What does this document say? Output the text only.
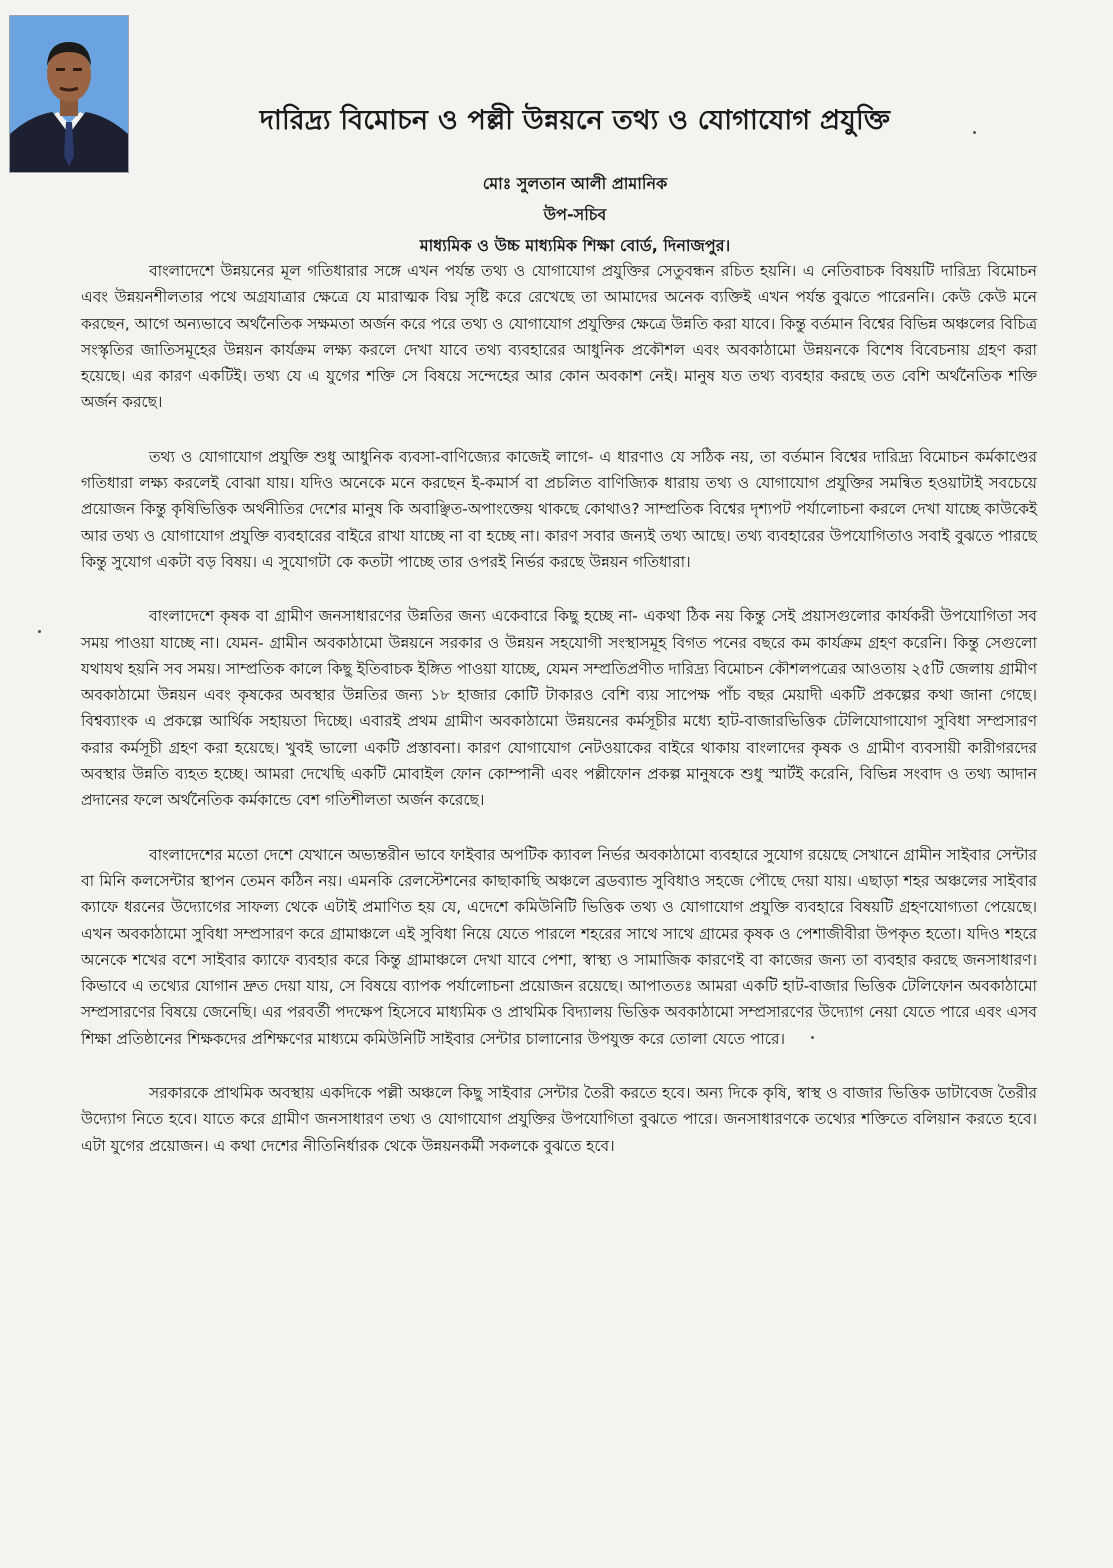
দারিদ্র্য বিমোচন ও পল্লী উন্নয়নে তথ্য ও যোগাযোগ প্রযুক্তি
মোঃ সুলতান আলী প্রামানিক
উপ-সচিব
মাধ্যমিক ও উচ্চ মাধ্যমিক শিক্ষা বোর্ড, দিনাজপুর।

বাংলাদেশে উন্নয়নের মূল গতিধারার সঙ্গে এখন পর্যন্ত তথ্য ও যোগাযোগ প্রযুক্তির সেতুবন্ধন রচিত হয়নি। এ নেতিবাচক বিষয়টি দারিদ্র্য বিমোচন এবং উন্নয়নশীলতার পথে অগ্রযাত্রার ক্ষেত্রে যে মারাত্মক বিঘ্ন সৃষ্টি করে রেখেছে তা আমাদের অনেক ব্যক্তিই এখন পর্যন্ত বুঝতে পারেননি। কেউ কেউ মনে করছেন, আগে অন্যভাবে অর্থনৈতিক সক্ষমতা অর্জন করে পরে তথ্য ও যোগাযোগ প্রযুক্তির ক্ষেত্রে উন্নতি করা যাবে। কিন্তু বর্তমান বিশ্বের বিভিন্ন অঞ্চলের বিচিত্র সংস্কৃতির জাতিসমূহের উন্নয়ন কার্যক্রম লক্ষ্য করলে দেখা যাবে তথ্য ব্যবহারের আধুনিক প্রকৌশল এবং অবকাঠামো উন্নয়নকে বিশেষ বিবেচনায় গ্রহণ করা হয়েছে। এর কারণ একটিই। তথ্য যে এ যুগের শক্তি সে বিষয়ে সন্দেহের আর কোন অবকাশ নেই। মানুষ যত তথ্য ব্যবহার করছে তত বেশি অর্থনৈতিক শক্তি অর্জন করছে।

তথ্য ও যোগাযোগ প্রযুক্তি শুধু আধুনিক ব্যবসা-বাণিজ্যের কাজেই লাগে- এ ধারণাও যে সঠিক নয়, তা বর্তমান বিশ্বের দারিদ্র্য বিমোচন কর্মকাণ্ডের গতিধারা লক্ষ্য করলেই বোঝা যায়। যদিও অনেকে মনে করছেন ই-কমার্স বা প্রচলিত বাণিজ্যিক ধারায় তথ্য ও যোগাযোগ প্রযুক্তির সমন্বিত হওয়াটাই সবচেয়ে প্রয়োজন কিন্তু কৃষিভিত্তিক অর্থনীতির দেশের মানুষ কি অবাঞ্ছিত-অপাংক্তেয় থাকছে কোথাও? সাম্প্রতিক বিশ্বের দৃশ্যপট পর্যালোচনা করলে দেখা যাচ্ছে কাউকেই আর তথ্য ও যোগাযোগ প্রযুক্তি ব্যবহারের বাইরে রাখা যাচ্ছে না বা হচ্ছে না। কারণ সবার জন্যই তথ্য আছে। তথ্য ব্যবহারের উপযোগিতাও সবাই বুঝতে পারছে কিন্তু সুযোগ একটা বড় বিষয়। এ সুযোগটা কে কতটা পাচ্ছে তার ওপরই নির্ভর করছে উন্নয়ন গতিধারা।

বাংলাদেশে কৃষক বা গ্রামীণ জনসাধারণের উন্নতির জন্য একেবারে কিছু হচ্ছে না- একথা ঠিক নয় কিন্তু সেই প্রয়াসগুলোর কার্যকরী উপযোগিতা সব সময় পাওয়া যাচ্ছে না। যেমন- গ্রামীন অবকাঠামো উন্নয়নে সরকার ও উন্নয়ন সহযোগী সংস্থাসমূহ বিগত পনের বছরে কম কার্যক্রম গ্রহণ করেনি। কিন্তু সেগুলো যথাযথ হয়নি সব সময়। সাম্প্রতিক কালে কিছু ইতিবাচক ইঙ্গিত পাওয়া যাচ্ছে, যেমন সম্প্রতিপ্রণীত দারিদ্র্য বিমোচন কৌশলপত্রের আওতায় ২৫টি জেলায় গ্রামীণ অবকাঠামো উন্নয়ন এবং কৃষকের অবস্থার উন্নতির জন্য ১৮ হাজার কোটি টাকারও বেশি ব্যয় সাপেক্ষ পাঁচ বছর মেয়াদী একটি প্রকল্পের কথা জানা গেছে। বিশ্বব্যাংক এ প্রকল্পে আর্থিক সহায়তা দিচ্ছে। এবারই প্রথম গ্রামীণ অবকাঠামো উন্নয়নের কর্মসূচীর মধ্যে হাট-বাজারভিত্তিক টেলিযোগাযোগ সুবিধা সম্প্রসারণ করার কর্মসূচী গ্রহণ করা হয়েছে। খুবই ভালো একটি প্রস্তাবনা। কারণ যোগাযোগ নেটওয়াকের বাইরে থাকায় বাংলাদের কৃষক ও গ্রামীণ ব্যবসায়ী কারীগরদের অবস্থার উন্নতি ব্যহত হচ্ছে। আমরা দেখেছি একটি মোবাইল ফোন কোম্পানী এবং পল্লীফোন প্রকল্প মানুষকে শুধু স্মার্টই করেনি, বিভিন্ন সংবাদ ও তথ্য আদান প্রদানের ফলে অর্থনৈতিক কর্মকান্ডে বেশ গতিশীলতা অর্জন করেছে।

বাংলাদেশের মতো দেশে যেখানে অভ্যন্তরীন ভাবে ফাইবার অপটিক ক্যাবল নির্ভর অবকাঠামো ব্যবহারে সুযোগ রয়েছে সেখানে গ্রামীন সাইবার সেন্টার বা মিনি কলসেন্টার স্থাপন তেমন কঠিন নয়। এমনকি রেলস্টেশনের কাছাকাছি অঞ্চলে ব্রডব্যান্ড সুবিধাও সহজে পৌছে দেয়া যায়। এছাড়া শহর অঞ্চলের সাইবার ক্যাফে ধরনের উদ্যোগের সাফল্য থেকে এটাই প্রমাণিত হয় যে, এদেশে কমিউনিটি ভিত্তিক তথ্য ও যোগাযোগ প্রযুক্তি ব্যবহারে বিষয়টি গ্রহণযোগ্যতা পেয়েছে। এখন অবকাঠামো সুবিধা সম্প্রসারণ করে গ্রামাঞ্চলে এই সুবিধা নিয়ে যেতে পারলে শহরের সাথে সাথে গ্রামের কৃষক ও পেশাজীবীরা উপকৃত হতো। যদিও শহরে অনেকে শখের বশে সাইবার ক্যাফে ব্যবহার করে কিন্তু গ্রামাঞ্চলে দেখা যাবে পেশা, স্বাস্থ্য ও সামাজিক কারণেই বা কাজের জন্য তা ব্যবহার করছে জনসাধারণ। কিভাবে এ তথ্যের যোগান দ্রুত দেয়া যায়, সে বিষয়ে ব্যাপক পর্যালোচনা প্রয়োজন রয়েছে। আপাততঃ আমরা একটি হাট-বাজার ভিত্তিক টেলিফোন অবকাঠামো সম্প্রসারণের বিষয়ে জেনেছি। এর পরবর্তী পদক্ষেপ হিসেবে মাধ্যমিক ও প্রাথমিক বিদ্যালয় ভিত্তিক অবকাঠামো সম্প্রসারণের উদ্যোগ নেয়া যেতে পারে এবং এসব শিক্ষা প্রতিষ্ঠানের শিক্ষকদের প্রশিক্ষণের মাধ্যমে কমিউনিটি সাইবার সেন্টার চালানোর উপযুক্ত করে তোলা যেতে পারে।

সরকারকে প্রাথমিক অবস্থায় একদিকে পল্লী অঞ্চলে কিছু সাইবার সেন্টার তৈরী করতে হবে। অন্য দিকে কৃষি, স্বাস্থ ও বাজার ভিত্তিক ডাটাবেজ তৈরীর উদ্যোগ নিতে হবে। যাতে করে গ্রামীণ জনসাধারণ তথ্য ও যোগাযোগ প্রযুক্তির উপযোগিতা বুঝতে পারে। জনসাধারণকে তথ্যের শক্তিতে বলিয়ান করতে হবে। এটা যুগের প্রয়োজন। এ কথা দেশের নীতিনির্ধারক থেকে উন্নয়নকর্মী সকলকে বুঝতে হবে।
